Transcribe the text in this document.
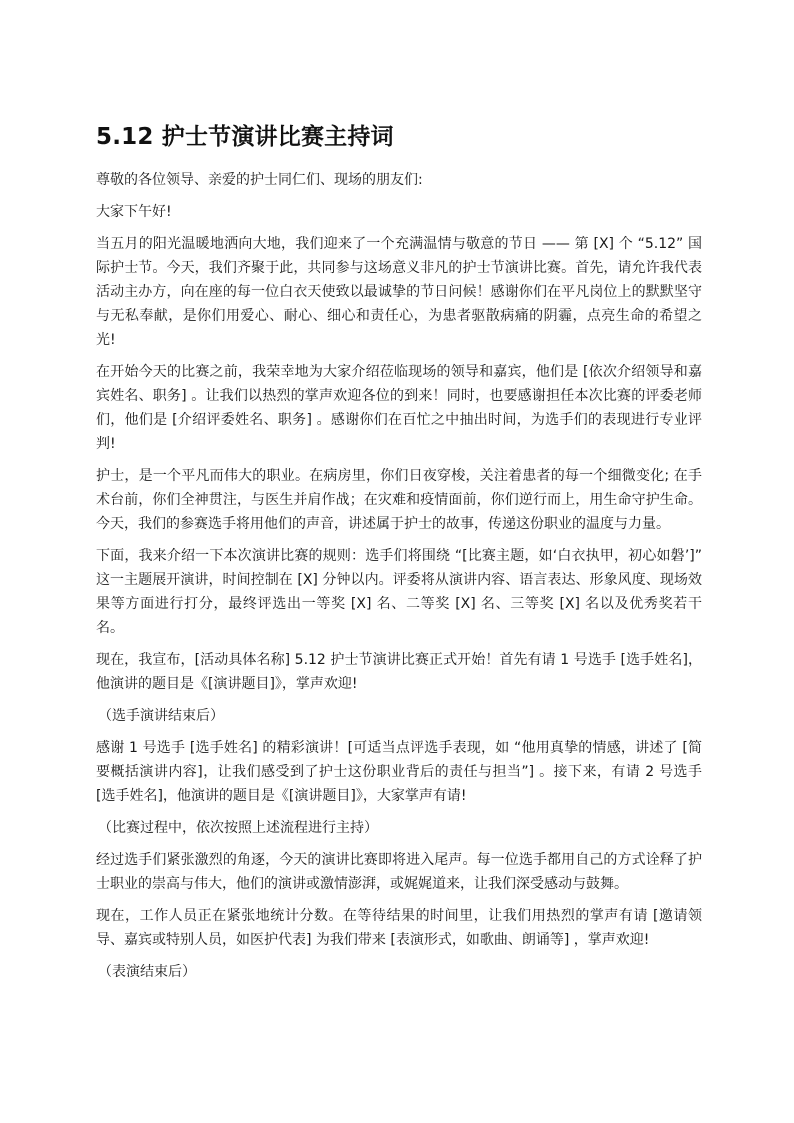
5.12 护士节演讲比赛主持词

尊敬的各位领导、亲爱的护士同仁们、现场的朋友们:

大家下午好!

当五月的阳光温暖地洒向大地，我们迎来了一个充满温情与敬意的节日 —— 第 [X] 个 “5.12” 国际护士节。今天，我们齐聚于此，共同参与这场意义非凡的护士节演讲比赛。首先，请允许我代表活动主办方，向在座的每一位白衣天使致以最诚挚的节日问候！感谢你们在平凡岗位上的默默坚守与无私奉献，是你们用爱心、耐心、细心和责任心，为患者驱散病痛的阴霾，点亮生命的希望之光!

在开始今天的比赛之前，我荣幸地为大家介绍莅临现场的领导和嘉宾，他们是 [依次介绍领导和嘉宾姓名、职务] 。让我们以热烈的掌声欢迎各位的到来！同时，也要感谢担任本次比赛的评委老师们，他们是 [介绍评委姓名、职务] 。感谢你们在百忙之中抽出时间，为选手们的表现进行专业评判!

护士，是一个平凡而伟大的职业。在病房里，你们日夜穿梭，关注着患者的每一个细微变化; 在手术台前，你们全神贯注，与医生并肩作战；在灾难和疫情面前，你们逆行而上，用生命守护生命。今天，我们的参赛选手将用他们的声音，讲述属于护士的故事，传递这份职业的温度与力量。

下面，我来介绍一下本次演讲比赛的规则：选手们将围绕 “[比赛主题，如‘白衣执甲，初心如磐’]” 这一主题展开演讲，时间控制在 [X] 分钟以内。评委将从演讲内容、语言表达、形象风度、现场效果等方面进行打分，最终评选出一等奖 [X] 名、二等奖 [X] 名、三等奖 [X] 名以及优秀奖若干名。

现在，我宣布，[活动具体名称] 5.12 护士节演讲比赛正式开始！首先有请 1 号选手 [选手姓名]，他演讲的题目是《[演讲题目]》，掌声欢迎!

（选手演讲结束后）

感谢 1 号选手 [选手姓名] 的精彩演讲！[可适当点评选手表现，如 “他用真挚的情感，讲述了 [简要概括演讲内容]，让我们感受到了护士这份职业背后的责任与担当”] 。接下来，有请 2 号选手 [选手姓名]，他演讲的题目是《[演讲题目]》，大家掌声有请!

（比赛过程中，依次按照上述流程进行主持）

经过选手们紧张激烈的角逐，今天的演讲比赛即将进入尾声。每一位选手都用自己的方式诠释了护士职业的崇高与伟大，他们的演讲或激情澎湃，或娓娓道来，让我们深受感动与鼓舞。

现在，工作人员正在紧张地统计分数。在等待结果的时间里，让我们用热烈的掌声有请 [邀请领导、嘉宾或特别人员，如医护代表] 为我们带来 [表演形式，如歌曲、朗诵等] ，掌声欢迎!

（表演结束后）
